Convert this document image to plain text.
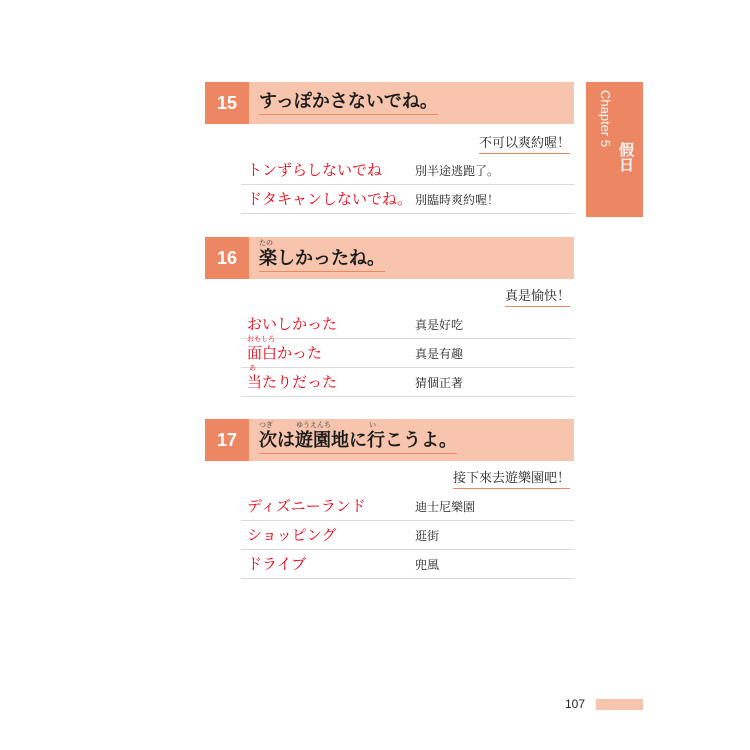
Chapter 5
假日
15	すっぽかさないでね。
不可以爽約喔！
トンずらしないでね	別半途逃跑了。
ドタキャンしないでね。 別臨時爽約喔！
16
たの
楽しかったね。
真是愉快！
おいしかった	真是好吃
おもしろ
面白かった	真是有趣
あ
当たりだった	猜個正著
17
つぎ	ゆうえんち	い
次は遊園地に行こうよ。
接下來去遊樂園吧！
ディズニーランド	迪士尼樂園
ショッピング	逛街
ドライブ	兜風
107
